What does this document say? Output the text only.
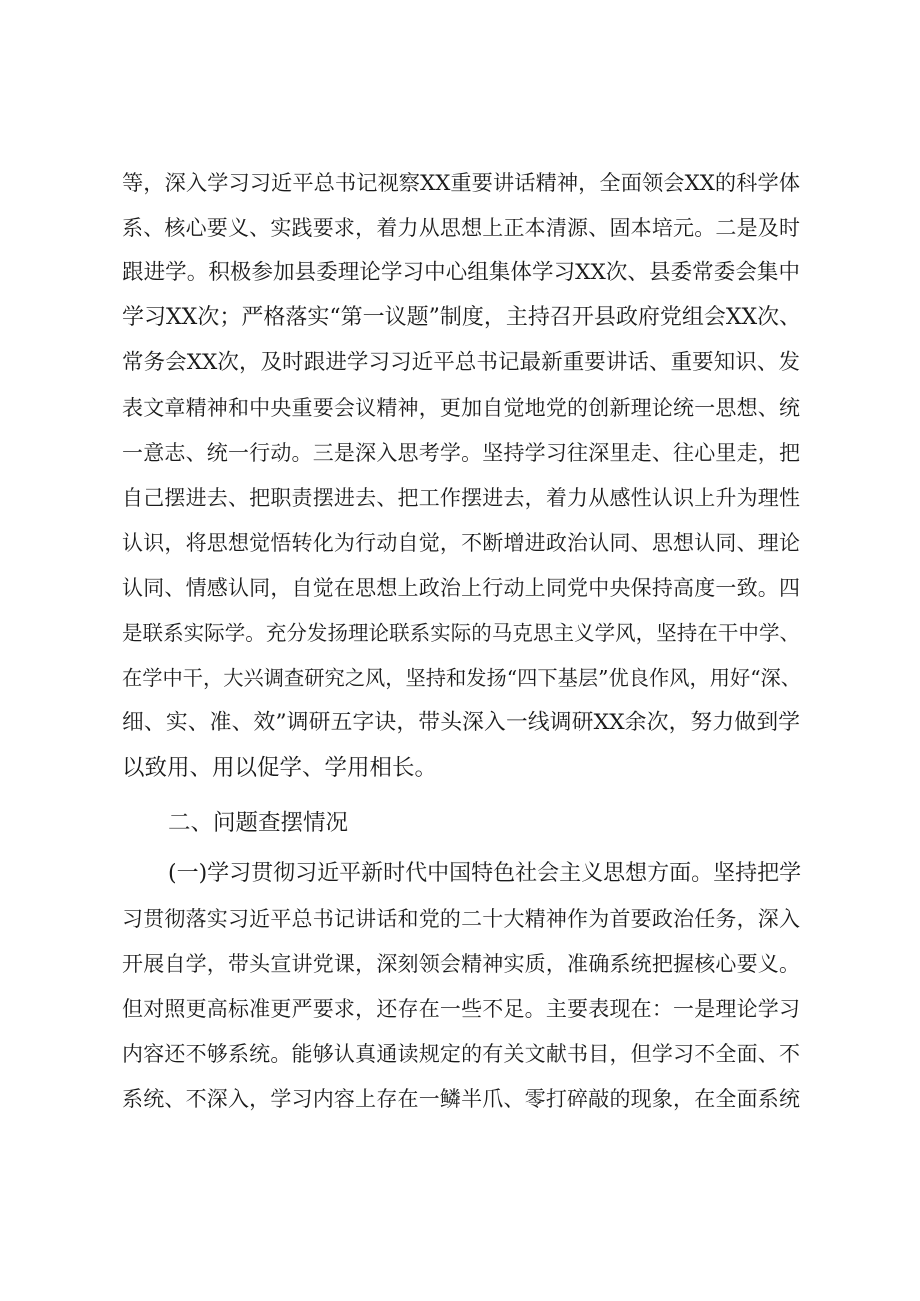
等，深入学习习近平总书记视察XX重要讲话精神，全面领会XX的科学体
系、核心要义、实践要求，着力从思想上正本清源、固本培元。二是及时
跟进学。积极参加县委理论学习中心组集体学习XX次、县委常委会集中
学习XX次；严格落实“第一议题”制度，主持召开县政府党组会XX次、
常务会XX次，及时跟进学习习近平总书记最新重要讲话、重要知识、发
表文章精神和中央重要会议精神，更加自觉地党的创新理论统一思想、统
一意志、统一行动。三是深入思考学。坚持学习往深里走、往心里走，把
自己摆进去、把职责摆进去、把工作摆进去，着力从感性认识上升为理性
认识，将思想觉悟转化为行动自觉，不断增进政治认同、思想认同、理论
认同、情感认同，自觉在思想上政治上行动上同党中央保持高度一致。四
是联系实际学。充分发扬理论联系实际的马克思主义学风，坚持在干中学、
在学中干，大兴调查研究之风，坚持和发扬“四下基层”优良作风，用好“深、
细、实、准、效”调研五字诀，带头深入一线调研XX余次，努力做到学
以致用、用以促学、学用相长。
二、问题查摆情况
(一)学习贯彻习近平新时代中国特色社会主义思想方面。坚持把学
习贯彻落实习近平总书记讲话和党的二十大精神作为首要政治任务，深入
开展自学，带头宣讲党课，深刻领会精神实质，准确系统把握核心要义。
但对照更高标准更严要求，还存在一些不足。主要表现在：一是理论学习
内容还不够系统。能够认真通读规定的有关文献书目，但学习不全面、不
系统、不深入，学习内容上存在一鳞半爪、零打碎敲的现象，在全面系统
